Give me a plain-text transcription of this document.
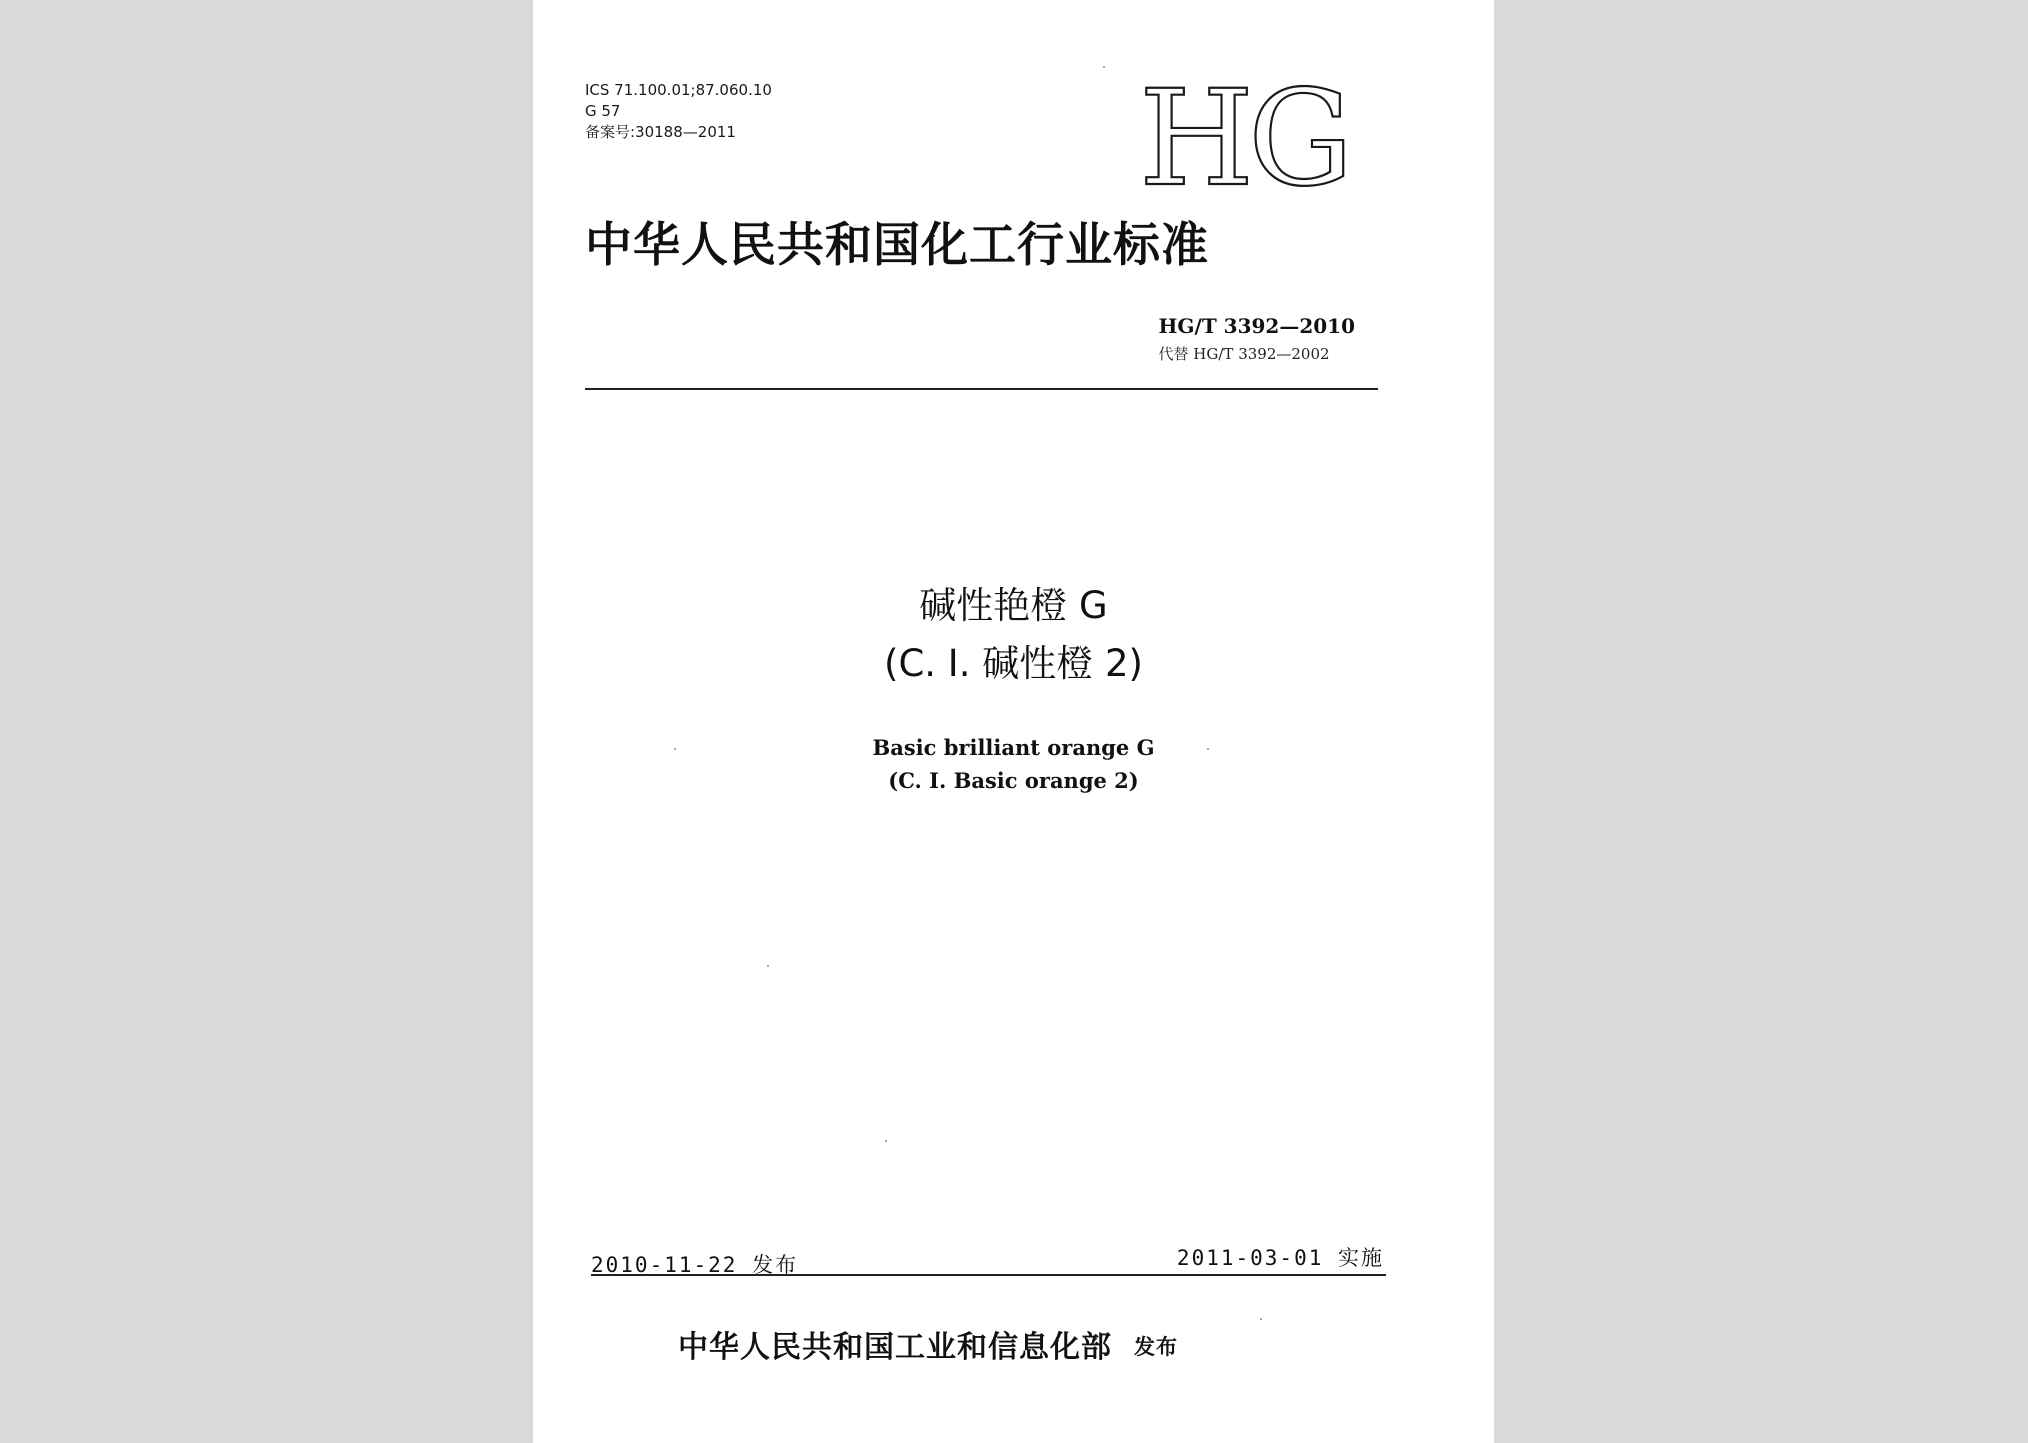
ICS 71.100.01;87.060.10
G 57
备案号:30188—2011	HG
中华人民共和国化工行业标准
HG/T 3392—2010
代替 HG/T 3392—2002
碱性艳橙 G
(C. I. 碱性橙 2)
Basic brilliant orange G
(C. I. Basic orange 2)
2010-11-22 发布	2011-03-01 实施
中华人民共和国工业和信息化部 发布
